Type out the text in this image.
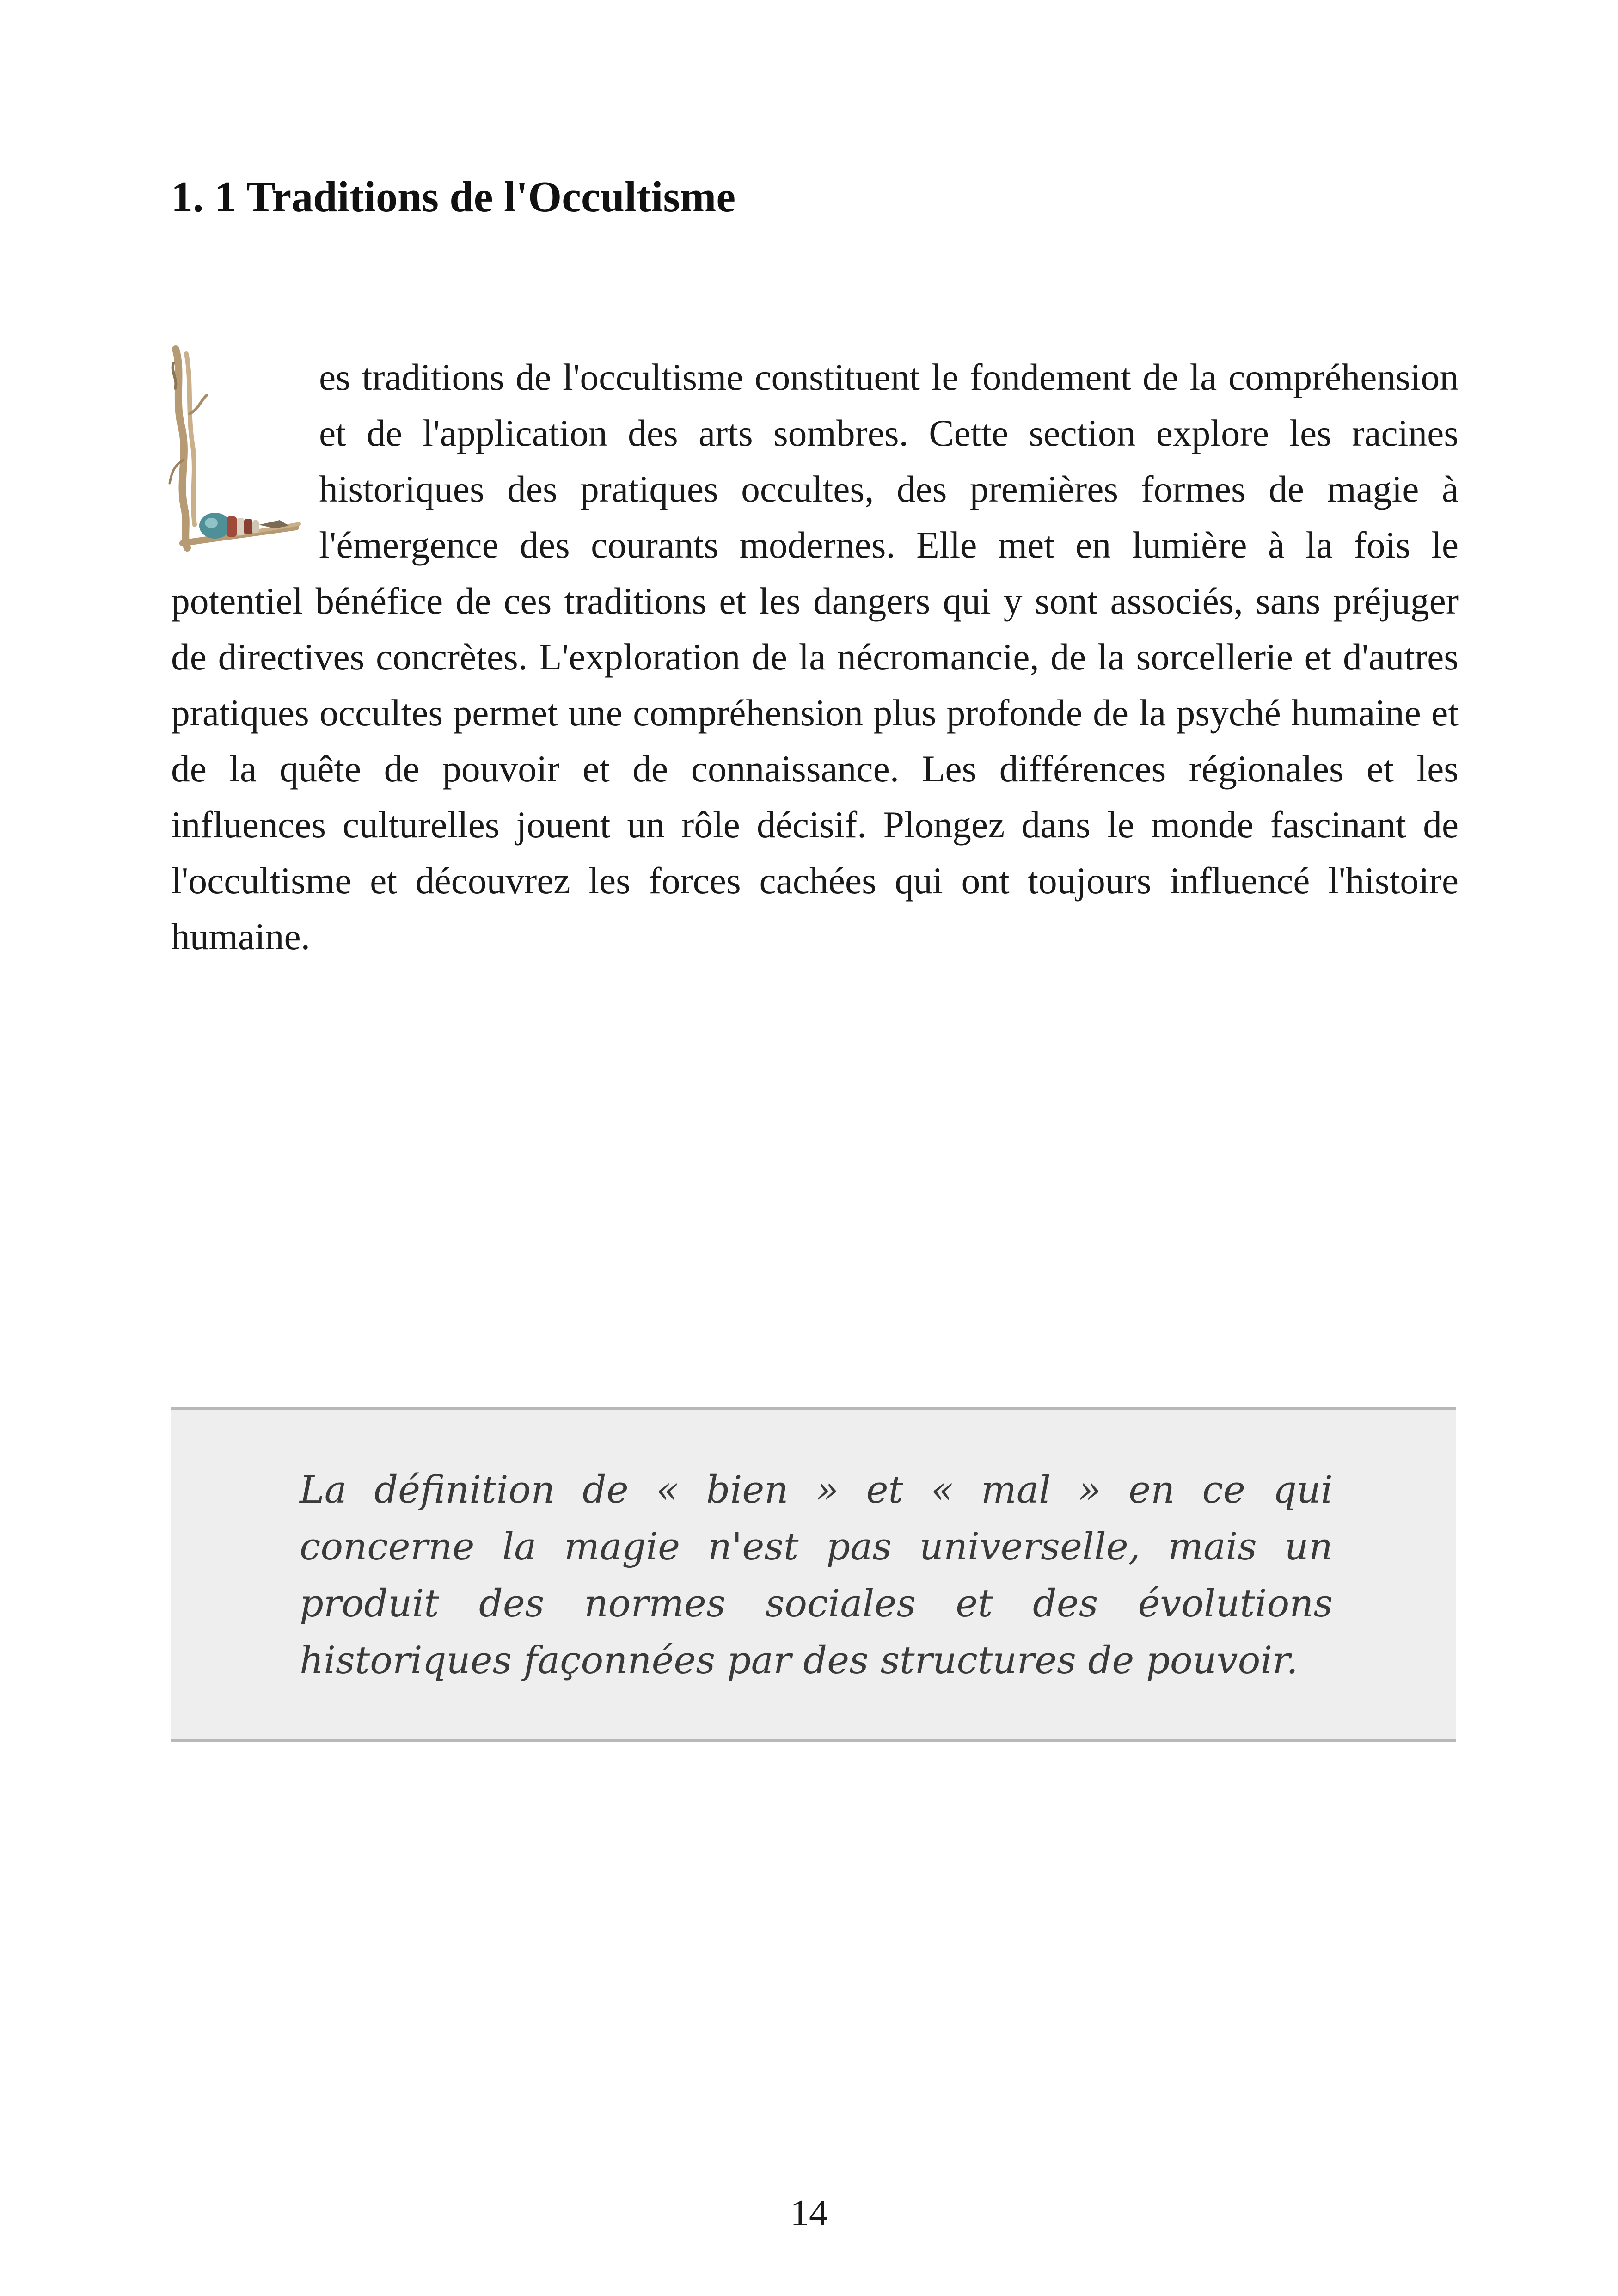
1. 1 Traditions de l'Occultisme

es traditions de l'occultisme constituent le fondement de la compréhension et de l'application des arts sombres. Cette section explore les racines historiques des pratiques occultes, des premières formes de magie à l'émergence des courants modernes. Elle met en lumière à la fois le potentiel bénéfice de ces traditions et les dangers qui y sont associés, sans préjuger de directives concrètes. L'exploration de la nécromancie, de la sorcellerie et d'autres pratiques occultes permet une compréhension plus profonde de la psyché humaine et de la quête de pouvoir et de connaissance. Les différences régionales et les influences culturelles jouent un rôle décisif. Plongez dans le monde fascinant de l'occultisme et découvrez les forces cachées qui ont toujours influencé l'histoire humaine.

La définition de « bien » et « mal » en ce qui concerne la magie n'est pas universelle, mais un produit des normes sociales et des évolutions historiques façonnées par des structures de pouvoir.

14
